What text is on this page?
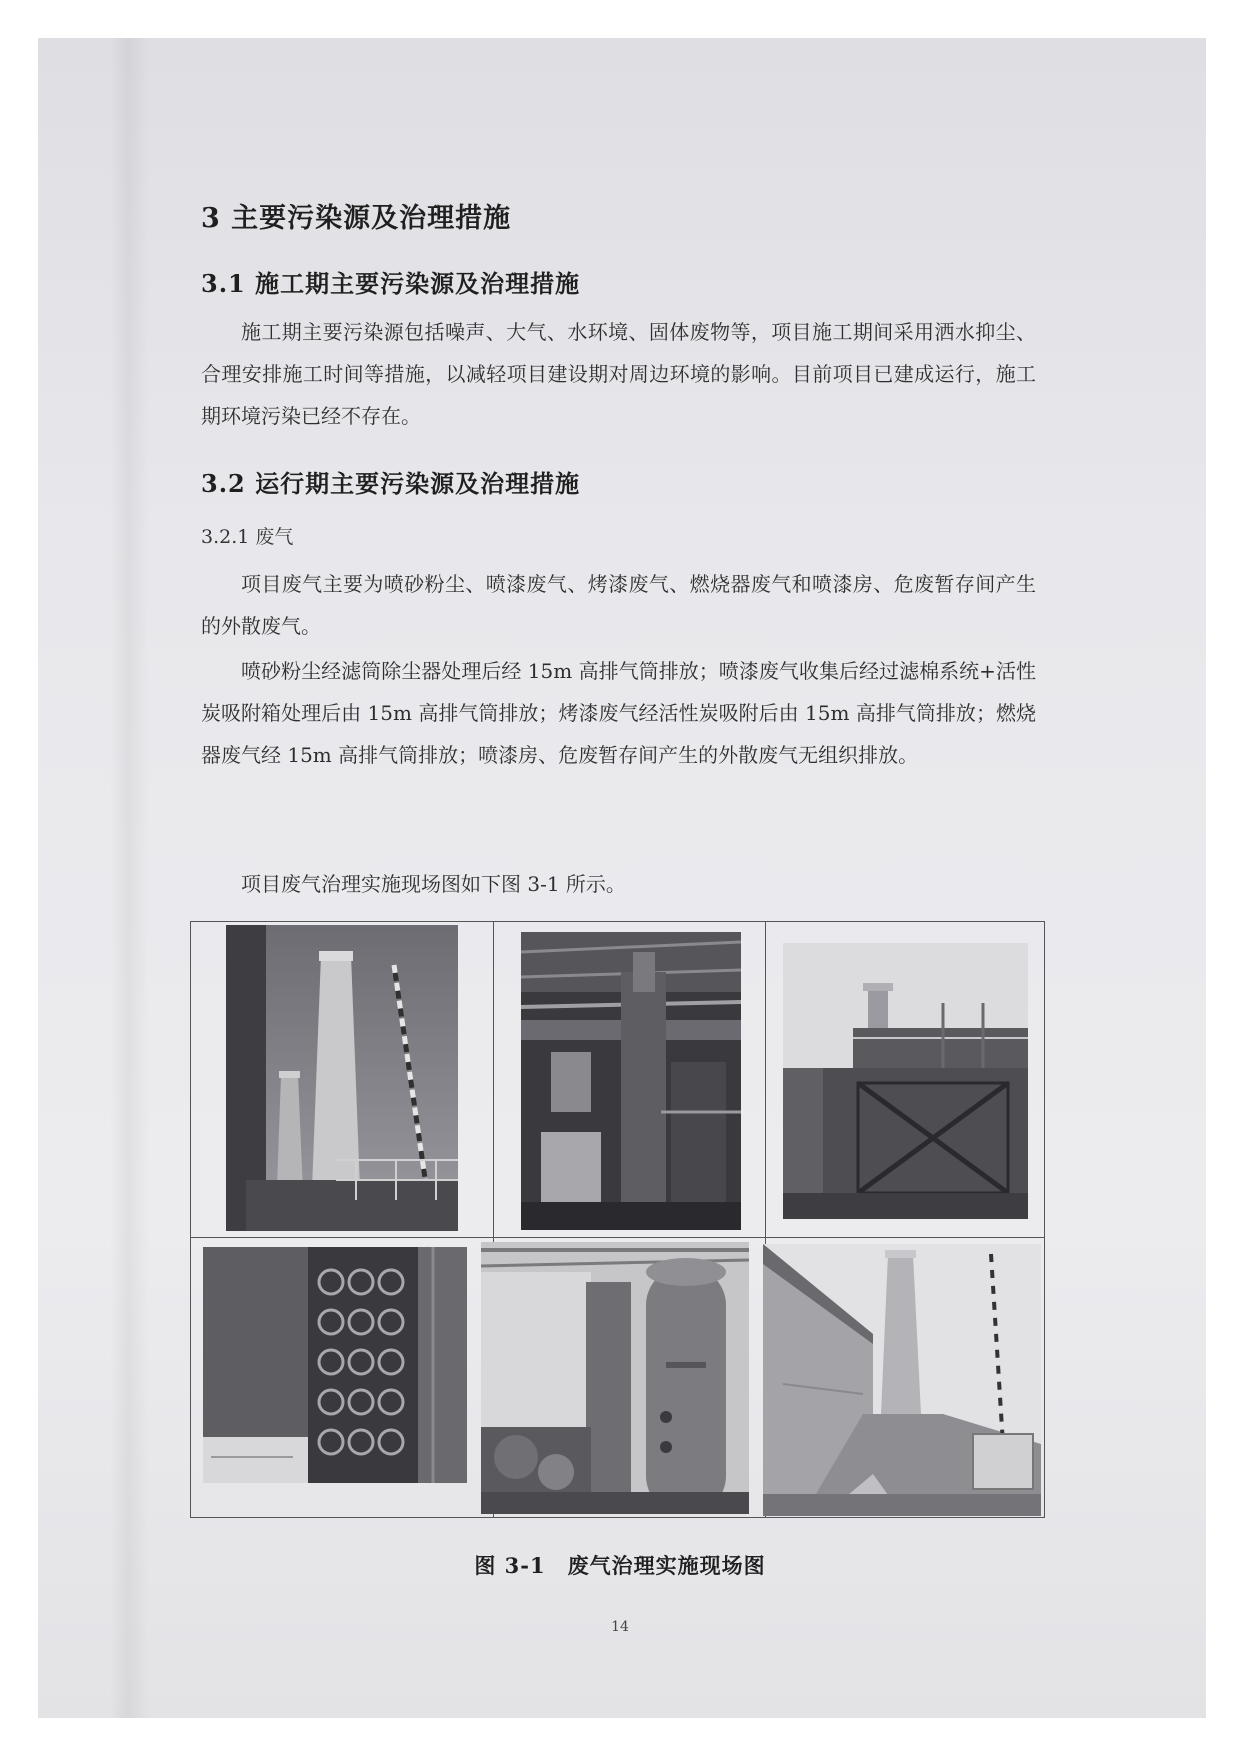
3 主要污染源及治理措施
3.1 施工期主要污染源及治理措施

施工期主要污染源包括噪声、大气、水环境、固体废物等，项目施工期间采用洒水抑尘、合理安排施工时间等措施，以减轻项目建设期对周边环境的影响。目前项目已建成运行，施工期环境污染已经不存在。

3.2 运行期主要污染源及治理措施
3.2.1 废气

项目废气主要为喷砂粉尘、喷漆废气、烤漆废气、燃烧器废气和喷漆房、危废暂存间产生的外散废气。

喷砂粉尘经滤筒除尘器处理后经 15m 高排气筒排放；喷漆废气收集后经过滤棉系统+活性炭吸附箱处理后由 15m 高排气筒排放；烤漆废气经活性炭吸附后由 15m 高排气筒排放；燃烧器废气经 15m 高排气筒排放；喷漆房、危废暂存间产生的外散废气无组织排放。

项目废气治理实施现场图如下图 3-1 所示。

图 3-1 废气治理实施现场图
14
